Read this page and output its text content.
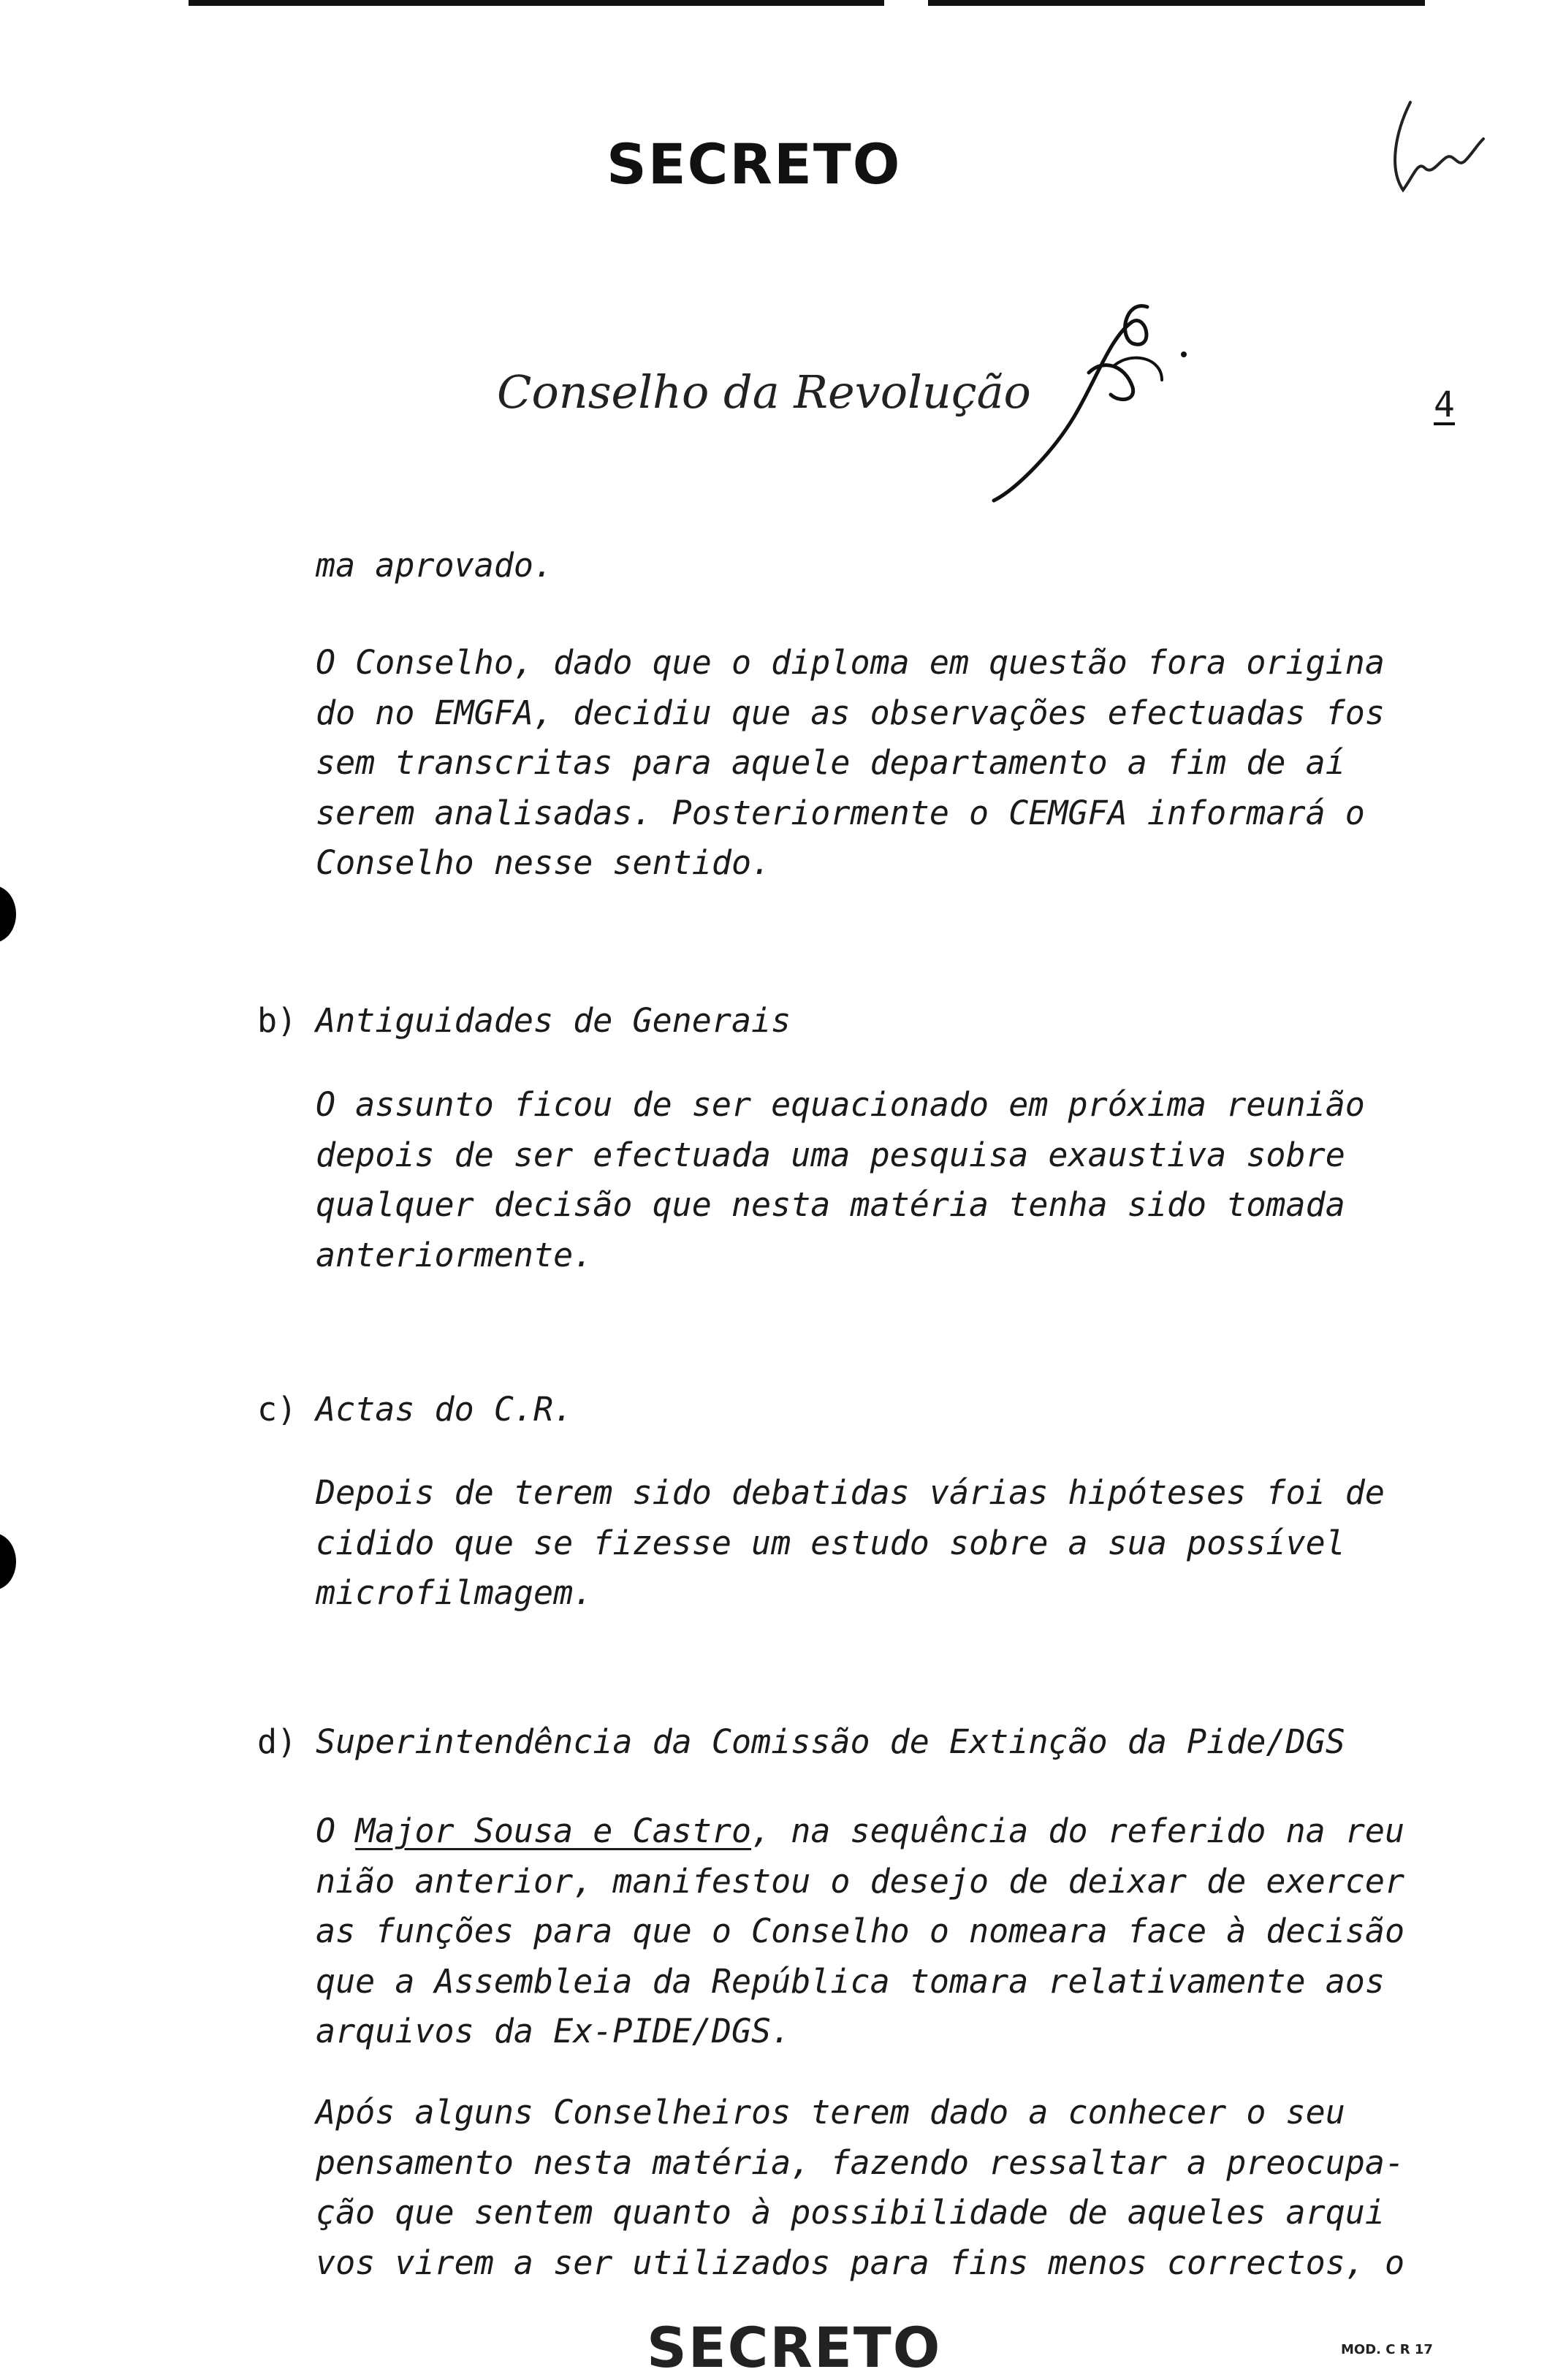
SECRETO
Conselho da Revolução	4
ma aprovado.
O Conselho, dado que o diploma em questão fora origina
do no EMGFA, decidiu que as observações efectuadas fos
sem transcritas para aquele departamento a fim de aí
serem analisadas. Posteriormente o CEMGFA informará o
Conselho nesse sentido.
b) Antiguidades de Generais
O assunto ficou de ser equacionado em próxima reunião
depois de ser efectuada uma pesquisa exaustiva sobre
qualquer decisão que nesta matéria tenha sido tomada
anteriormente.
c) Actas do C.R.
Depois de terem sido debatidas várias hipóteses foi de
cidido que se fizesse um estudo sobre a sua possível
microfilmagem.
d) Superintendência da Comissão de Extinção da Pide/DGS
O Major Sousa e Castro, na sequência do referido na reu
nião anterior, manifestou o desejo de deixar de exercer
as funções para que o Conselho o nomeara face à decisão
que a Assembleia da República tomara relativamente aos
arquivos da Ex-PIDE/DGS.
Após alguns Conselheiros terem dado a conhecer o seu
pensamento nesta matéria, fazendo ressaltar a preocupa-
ção que sentem quanto à possibilidade de aqueles arqui
vos virem a ser utilizados para fins menos correctos, o
SECRETO	MOD. C R 17
